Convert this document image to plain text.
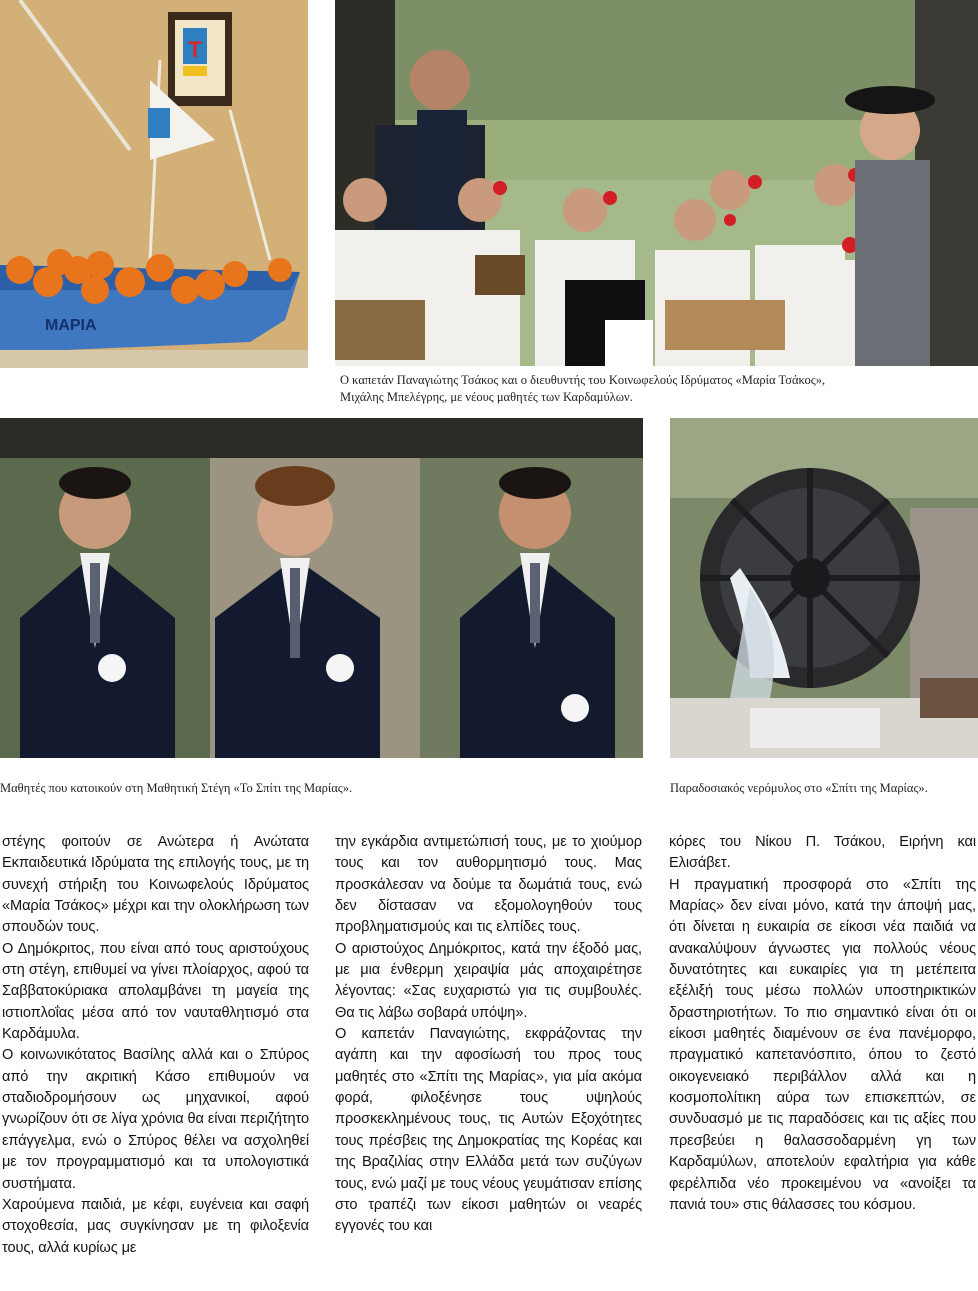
T
ΜΑΡΙΑ
Ο καπετάν Παναγιώτης Τσάκος και ο διευθυντής του Κοινωφελούς Ιδρύματος «Μαρία Τσάκος»,
Μιχάλης Μπελέγρης, με νέους μαθητές των Καρδαμύλων.
Μαθητές που κατοικούν στη Μαθητική Στέγη «Το Σπίτι της Μαρίας».	Παραδοσιακός νερόμυλος στο «Σπίτι της Μαρίας».

στέγης φοιτούν σε Ανώτερα ή Ανώτατα Εκπαιδευτικά Ιδρύματα της επιλογής τους, με τη συνεχή στήριξη του Κοινωφελούς Ιδρύματος «Μαρία Τσάκος» μέχρι και την ολοκλήρωση των σπουδών τους.

Ο Δημόκριτος, που είναι από τους αριστούχους στη στέγη, επιθυμεί να γίνει πλοίαρχος, αφού τα Σαββατοκύριακα απολαμβάνει τη μαγεία της ιστιοπλοΐας μέσα από τον ναυταθλητισμό στα Καρδάμυλα.

Ο κοινωνικότατος Βασίλης αλλά και ο Σπύρος από την ακριτική Κάσο επιθυμούν να σταδιοδρομήσουν ως μηχανικοί, αφού γνωρίζουν ότι σε λίγα χρόνια θα είναι περιζήτητο επάγγελμα, ενώ ο Σπύρος θέλει να ασχοληθεί με τον προγραμματισμό και τα υπολογιστικά συστήματα.

Χαρούμενα παιδιά, με κέφι, ευγένεια και σαφή στοχοθεσία, μας συγκίνησαν με τη φιλοξενία τους, αλλά κυρίως με

την εγκάρδια αντιμετώπισή τους, με το χιούμορ τους και τον αυθορμητισμό τους. Μας προσκάλεσαν να δούμε τα δωμάτιά τους, ενώ δεν δίστασαν να εξομολογηθούν τους προβληματισμούς και τις ελπίδες τους.

Ο αριστούχος Δημόκριτος, κατά την έξοδό μας, με μια ένθερμη χειραψία μάς αποχαιρέτησε λέγοντας: «Σας ευχαριστώ για τις συμβουλές. Θα τις λάβω σοβαρά υπόψη».

Ο καπετάν Παναγιώτης, εκφράζοντας την αγάπη και την αφοσίωσή του προς τους μαθητές στο «Σπίτι της Μαρίας», για μία ακόμα φορά, φιλοξένησε τους υψηλούς προσκεκλημένους τους, τις Αυτών Εξοχότητες τους πρέσβεις της Δημοκρατίας της Κορέας και της Βραζιλίας στην Ελλάδα μετά των συζύγων τους, ενώ μαζί με τους νέους γευμάτισαν επίσης στο τραπέζι των είκοσι μαθητών οι νεαρές εγγονές του και

κόρες του Νίκου Π. Τσάκου, Ειρήνη και Ελισάβετ.

Η πραγματική προσφορά στο «Σπίτι της Μαρίας» δεν είναι μόνο, κατά την άποψή μας, ότι δίνεται η ευκαιρία σε είκοσι νέα παιδιά να ανακαλύψουν άγνωστες για πολλούς νέους δυνατότητες και ευκαιρίες για τη μετέπειτα εξέλιξή τους μέσω πολλών υποστηρικτικών δραστηριοτήτων. Το πιο σημαντικό είναι ότι οι είκοσι μαθητές διαμένουν σε ένα πανέμορφο, πραγματικό καπετανόσπιτο, όπου το ζεστό οικογενειακό περιβάλλον αλλά και η κοσμοπολίτικη αύρα των επισκεπτών, σε συνδυασμό με τις παραδόσεις και τις αξίες που πρεσβεύει η θαλασσοδαρμένη γη των Καρδαμύλων, αποτελούν εφαλτήρια για κάθε φερέλπιδα νέο προκειμένου να «ανοίξει τα πανιά του» στις θάλασσες του κόσμου.
